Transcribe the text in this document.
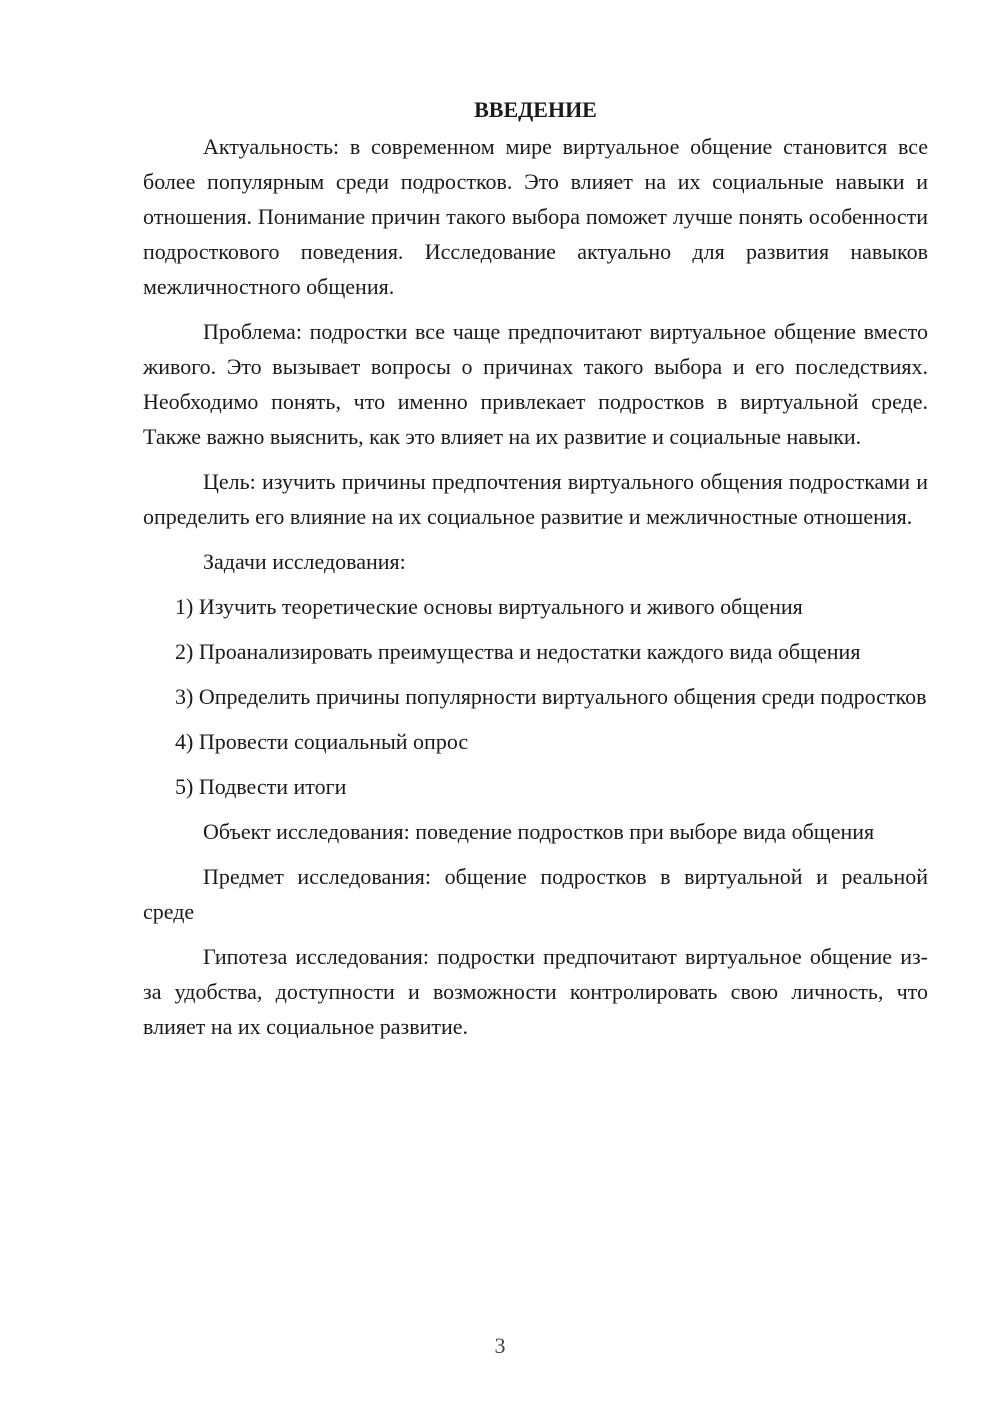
ВВЕДЕНИЕ

Актуальность: в современном мире виртуальное общение становится все более популярным среди подростков. Это влияет на их социальные навыки и отношения. Понимание причин такого выбора поможет лучше понять особенности подросткового поведения. Исследование актуально для развития навыков межличностного общения.

Проблема: подростки все чаще предпочитают виртуальное общение вместо живого. Это вызывает вопросы о причинах такого выбора и его последствиях. Необходимо понять, что именно привлекает подростков в виртуальной среде. Также важно выяснить, как это влияет на их развитие и социальные навыки.

Цель: изучить причины предпочтения виртуального общения подростками и определить его влияние на их социальное развитие и межличностные отношения.

Задачи исследования:

1) Изучить теоретические основы виртуального и живого общения

2) Проанализировать преимущества и недостатки каждого вида общения

3) Определить причины популярности виртуального общения среди подростков

4) Провести социальный опрос

5) Подвести итоги

Объект исследования: поведение подростков при выборе вида общения

Предмет исследования: общение подростков в виртуальной и реальной среде

Гипотеза исследования: подростки предпочитают виртуальное общение из-за удобства, доступности и возможности контролировать свою личность, что влияет на их социальное развитие.

3
